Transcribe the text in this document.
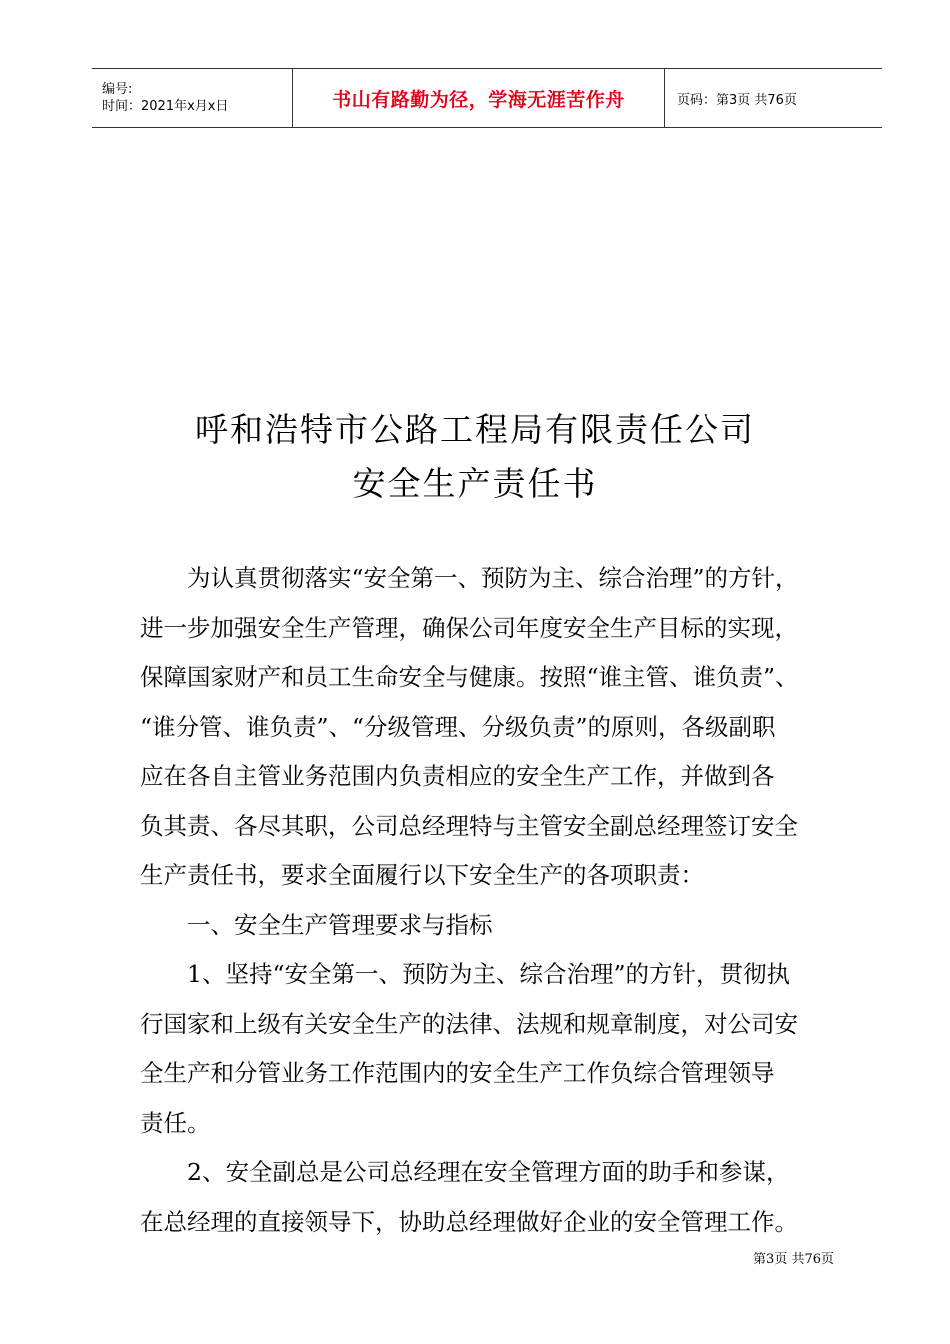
编号:
时间：2021年x月x日	书山有路勤为径，学海无涯苦作舟	页码：第3页 共76页
呼和浩特市公路工程局有限责任公司
安全生产责任书
为认真贯彻落实“安全第一、预防为主、综合治理”的方针，
进一步加强安全生产管理，确保公司年度安全生产目标的实现，
保障国家财产和员工生命安全与健康。按照“谁主管、谁负责”、
“谁分管、谁负责”、“分级管理、分级负责”的原则，各级副职
应在各自主管业务范围内负责相应的安全生产工作，并做到各
负其责、各尽其职，公司总经理特与主管安全副总经理签订安全
生产责任书，要求全面履行以下安全生产的各项职责：
一、安全生产管理要求与指标
1、坚持“安全第一、预防为主、综合治理”的方针，贯彻执
行国家和上级有关安全生产的法律、法规和规章制度，对公司安
全生产和分管业务工作范围内的安全生产工作负综合管理领导
责任。
2、安全副总是公司总经理在安全管理方面的助手和参谋，
在总经理的直接领导下，协助总经理做好企业的安全管理工作。
第3页 共76页
